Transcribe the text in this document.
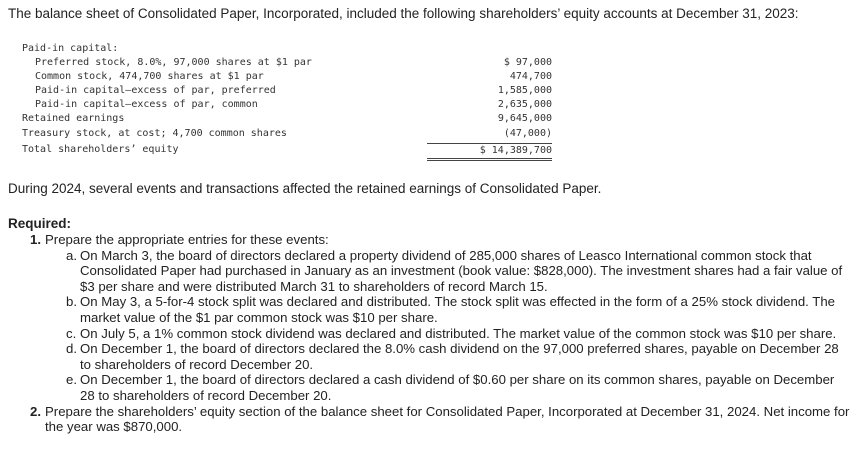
The balance sheet of Consolidated Paper, Incorporated, included the following shareholders’ equity accounts at December 31, 2023:
Paid-in capital:
Preferred stock, 8.0%, 97,000 shares at $1 par	$ 97,000
Common stock, 474,700 shares at $1 par	474,700
Paid-in capital—excess of par, preferred	1,585,000
Paid-in capital—excess of par, common	2,635,000
Retained earnings	9,645,000
Treasury stock, at cost; 4,700 common shares	(47,000)
Total shareholders’ equity	$ 14,389,700
During 2024, several events and transactions affected the retained earnings of Consolidated Paper.
Required:
1. Prepare the appropriate entries for these events:
a. On March 3, the board of directors declared a property dividend of 285,000 shares of Leasco International common stock that Consolidated Paper had purchased in January as an investment (book value: $828,000). The investment shares had a fair value of $3 per share and were distributed March 31 to shareholders of record March 15.
b. On May 3, a 5-for-4 stock split was declared and distributed. The stock split was effected in the form of a 25% stock dividend. The market value of the $1 par common stock was $10 per share.
c. On July 5, a 1% common stock dividend was declared and distributed. The market value of the common stock was $10 per share.
d. On December 1, the board of directors declared the 8.0% cash dividend on the 97,000 preferred shares, payable on December 28 to shareholders of record December 20.
e. On December 1, the board of directors declared a cash dividend of $0.60 per share on its common shares, payable on December 28 to shareholders of record December 20.
2. Prepare the shareholders’ equity section of the balance sheet for Consolidated Paper, Incorporated at December 31, 2024. Net income for the year was $870,000.
